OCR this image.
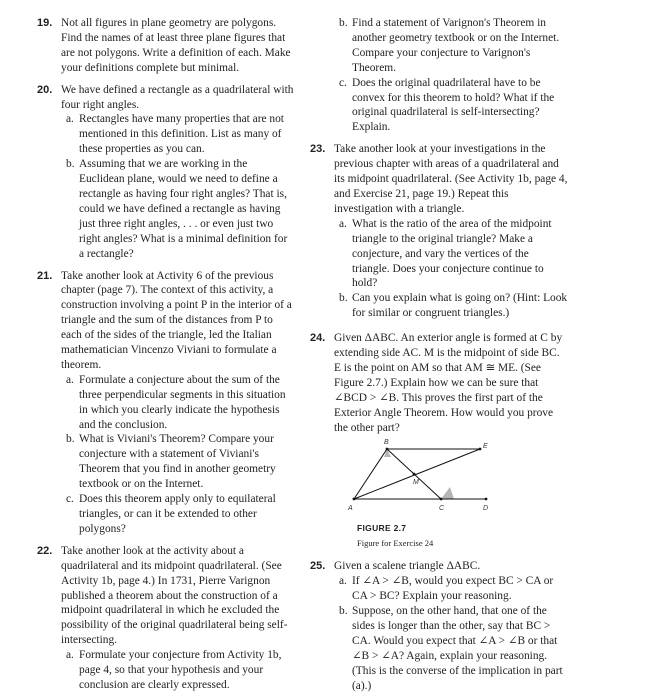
19. Not all figures in plane geometry are polygons. Find the names of at least three plane figures that are not polygons. Write a definition of each. Make your definitions complete but minimal.
20. We have defined a rectangle as a quadrilateral with four right angles.
a. Rectangles have many properties that are not mentioned in this definition. List as many of these properties as you can.
b. Assuming that we are working in the Euclidean plane, would we need to define a rectangle as having four right angles? That is, could we have defined a rectangle as having just three right angles, . . . or even just two right angles? What is a minimal definition for a rectangle?
21. Take another look at Activity 6 of the previous chapter (page 7). The context of this activity, a construction involving a point P in the interior of a triangle and the sum of the distances from P to each of the sides of the triangle, led the Italian mathematician Vincenzo Viviani to formulate a theorem.
a. Formulate a conjecture about the sum of the three perpendicular segments in this situation in which you clearly indicate the hypothesis and the conclusion.
b. What is Viviani's Theorem? Compare your conjecture with a statement of Viviani's Theorem that you find in another geometry textbook or on the Internet.
c. Does this theorem apply only to equilateral triangles, or can it be extended to other polygons?
22. Take another look at the activity about a quadrilateral and its midpoint quadrilateral. (See Activity 1b, page 4.) In 1731, Pierre Varignon published a theorem about the construction of a midpoint quadrilateral in which he excluded the possibility of the original quadrilateral being self-intersecting.
a. Formulate your conjecture from Activity 1b, page 4, so that your hypothesis and your conclusion are clearly expressed.
b. Find a statement of Varignon's Theorem in another geometry textbook or on the Internet. Compare your conjecture to Varignon's Theorem.
c. Does the original quadrilateral have to be convex for this theorem to hold? What if the original quadrilateral is self-intersecting? Explain.
23. Take another look at your investigations in the previous chapter with areas of a quadrilateral and its midpoint quadrilateral. (See Activity 1b, page 4, and Exercise 21, page 19.) Repeat this investigation with a triangle.
a. What is the ratio of the area of the midpoint triangle to the original triangle? Make a conjecture, and vary the vertices of the triangle. Does your conjecture continue to hold?
b. Can you explain what is going on? (Hint: Look for similar or congruent triangles.)
24. Given ΔABC. An exterior angle is formed at C by extending side AC. M is the midpoint of side BC. E is the point on AM so that AM ≅ ME. (See Figure 2.7.) Explain how we can be sure that ∠BCD > ∠B. This proves the first part of the Exterior Angle Theorem. How would you prove the other part?
B
E
M
A	C	D
FIGURE 2.7
Figure for Exercise 24
25. Given a scalene triangle ΔABC.
a. If ∠A > ∠B, would you expect BC > CA or CA > BC? Explain your reasoning.
b. Suppose, on the other hand, that one of the sides is longer than the other, say that BC > CA. Would you expect that ∠A > ∠B or that ∠B > ∠A? Again, explain your reasoning. (This is the converse of the implication in part (a).)
